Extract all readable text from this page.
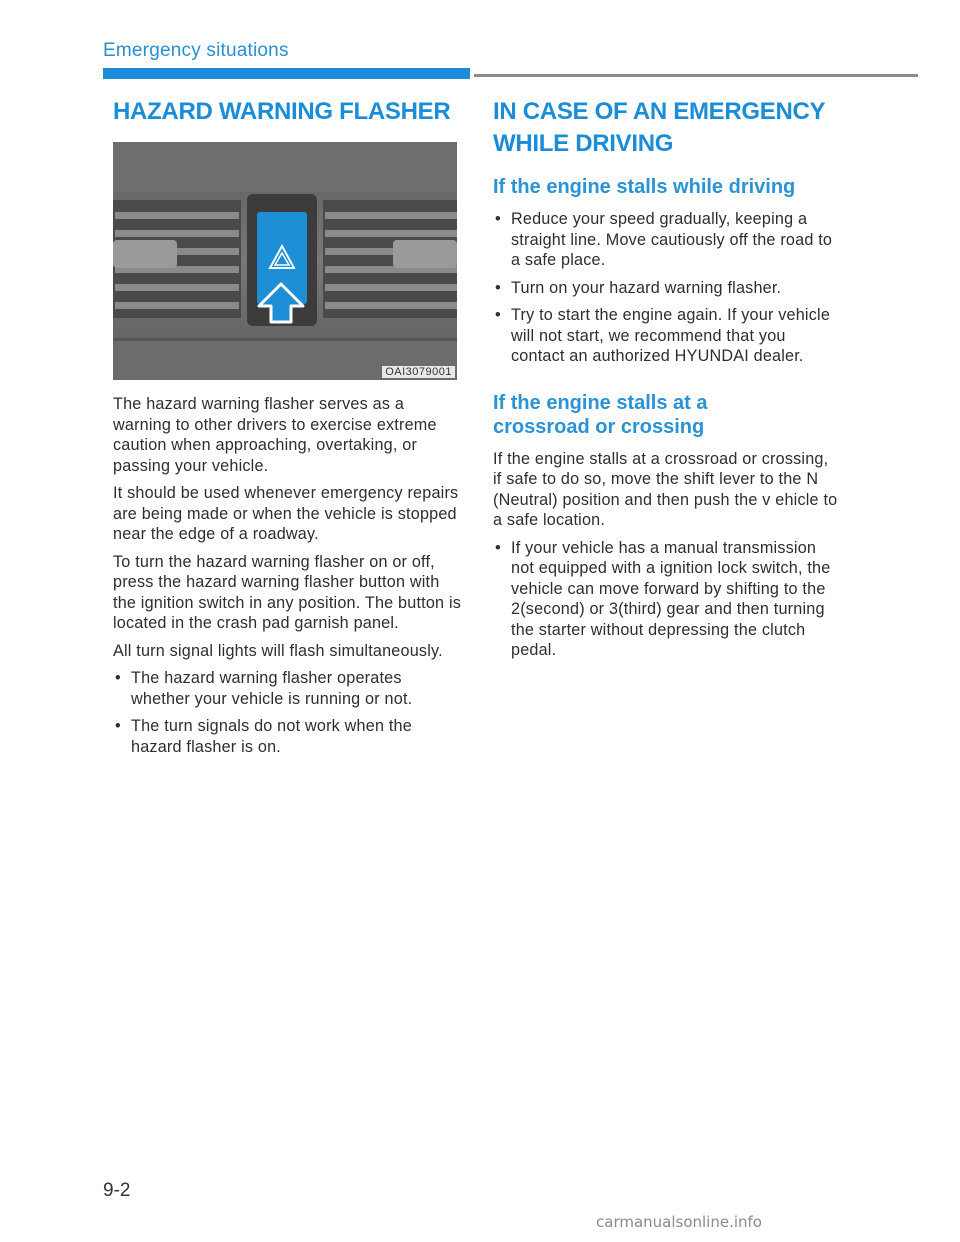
Emergency situations
HAZARD WARNING FLASHER
OAI3079001

The hazard warning flasher serves as a warning to other drivers to exercise extreme caution when approaching, overtaking, or passing your vehicle.

It should be used whenever emergency repairs are being made or when the vehicle is stopped near the edge of a roadway.

To turn the hazard warning flasher on or off, press the hazard warning flasher button with the ignition switch in any position. The button is located in the crash pad garnish panel.

All turn signal lights will flash simultaneously.

• The hazard warning flasher operates whether your vehicle is running or not.
• The turn signals do not work when the hazard flasher is on.
IN CASE OF AN EMERGENCY
WHILE DRIVING
If the engine stalls while driving
• Reduce your speed gradually, keeping a straight line. Move cautiously off the road to a safe place.
• Turn on your hazard warning flasher.
• Try to start the engine again. If your vehicle will not start, we recommend that you contact an authorized HYUNDAI dealer.
If the engine stalls at a
crossroad or crossing

If the engine stalls at a crossroad or crossing, if safe to do so, move the shift lever to the N (Neutral) position and then push the v ehicle to a safe location.

• If your vehicle has a manual transmission not equipped with a ignition lock switch, the vehicle can move forward by shifting to the 2(second) or 3(third) gear and then turning the starter without depressing the clutch pedal.
9-2
carmanualsonline.info
